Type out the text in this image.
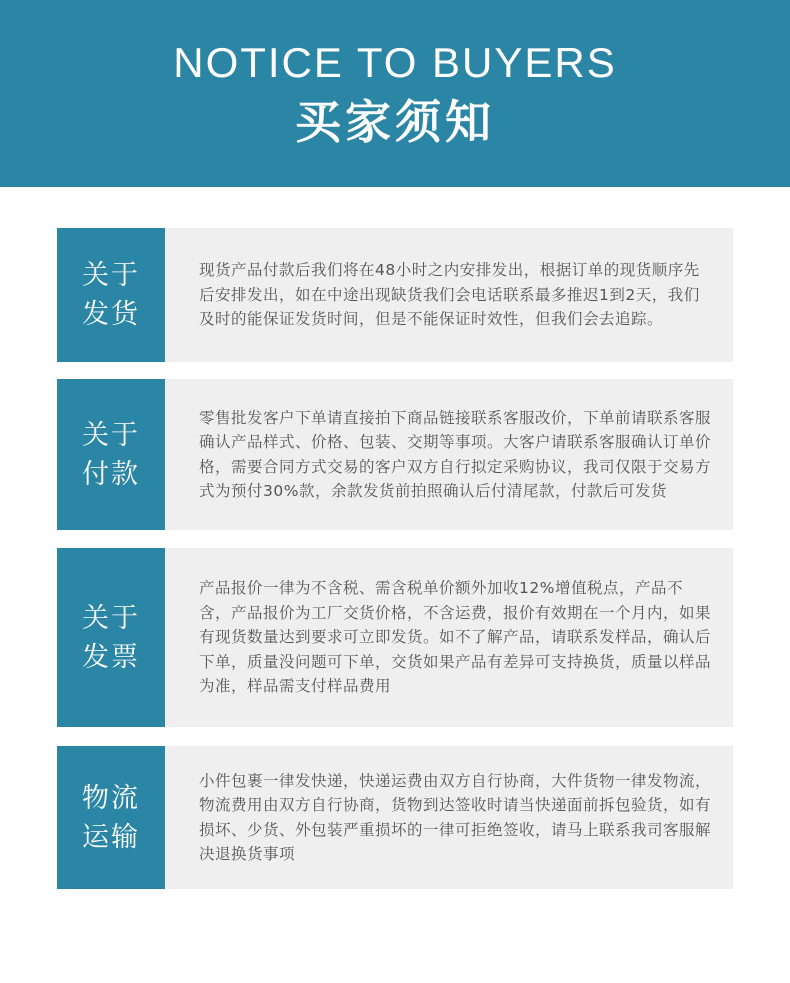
NOTICE TO BUYERS
买家须知
关于
发货
现货产品付款后我们将在48小时之内安排发出，根据订单的现货顺序先后安排发出，如在中途出现缺货我们会电话联系最多推迟1到2天，我们及时的能保证发货时间，但是不能保证时效性，但我们会去追踪。
关于
付款
零售批发客户下单请直接拍下商品链接联系客服改价，下单前请联系客服确认产品样式、价格、包装、交期等事项。大客户请联系客服确认订单价格，需要合同方式交易的客户双方自行拟定采购协议，我司仅限于交易方式为预付30%款，余款发货前拍照确认后付清尾款，付款后可发货
关于
发票
产品报价一律为不含税、需含税单价额外加收12%增值税点，产品不含，产品报价为工厂交货价格，不含运费，报价有效期在一个月内，如果有现货数量达到要求可立即发货。如不了解产品，请联系发样品，确认后下单，质量没问题可下单，交货如果产品有差异可支持换货，质量以样品为准，样品需支付样品费用
物流
运输
小件包裹一律发快递，快递运费由双方自行协商，大件货物一律发物流，物流费用由双方自行协商，货物到达签收时请当快递面前拆包验货，如有损坏、少货、外包装严重损坏的一律可拒绝签收，请马上联系我司客服解决退换货事项
